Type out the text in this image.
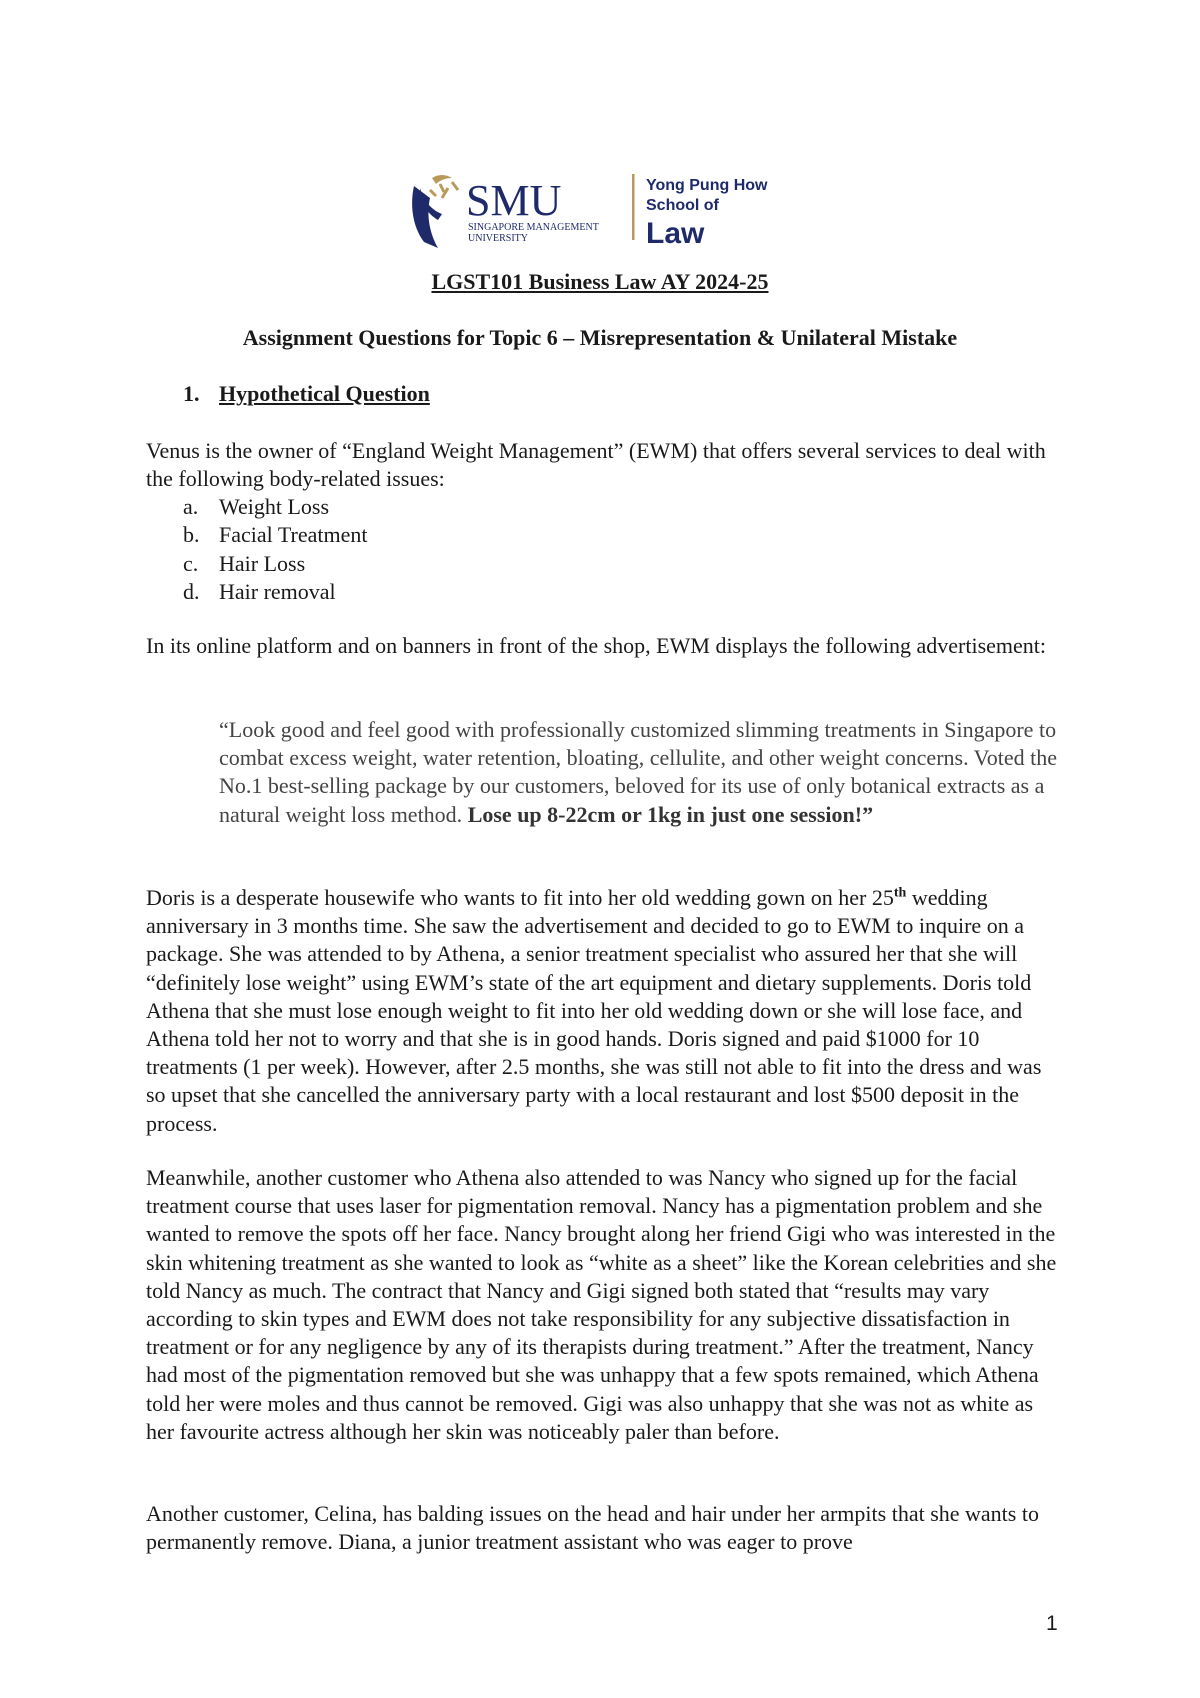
SMU
SINGAPORE MANAGEMENT
UNIVERSITY
Yong Pung How
School of
Law
LGST101 Business Law AY 2024-25
Assignment Questions for Topic 6 – Misrepresentation & Unilateral Mistake
1. Hypothetical Question

Venus is the owner of “England Weight Management” (EWM) that offers several services to deal with the following body-related issues:

a. Weight Loss
b. Facial Treatment
c. Hair Loss
d. Hair removal

In its online platform and on banners in front of the shop, EWM displays the following advertisement:

“Look good and feel good with professionally customized slimming treatments in Singapore to combat excess weight, water retention, bloating, cellulite, and other weight concerns. Voted the No.1 best-selling package by our customers, beloved for its use of only botanical extracts as a natural weight loss method. Lose up 8-22cm or 1kg in just one session!”

Doris is a desperate housewife who wants to fit into her old wedding gown on her 25th wedding anniversary in 3 months time. She saw the advertisement and decided to go to EWM to inquire on a package. She was attended to by Athena, a senior treatment specialist who assured her that she will “definitely lose weight” using EWM’s state of the art equipment and dietary supplements. Doris told Athena that she must lose enough weight to fit into her old wedding down or she will lose face, and Athena told her not to worry and that she is in good hands. Doris signed and paid $1000 for 10 treatments (1 per week). However, after 2.5 months, she was still not able to fit into the dress and was so upset that she cancelled the anniversary party with a local restaurant and lost $500 deposit in the process.

Meanwhile, another customer who Athena also attended to was Nancy who signed up for the facial treatment course that uses laser for pigmentation removal. Nancy has a pigmentation problem and she wanted to remove the spots off her face. Nancy brought along her friend Gigi who was interested in the skin whitening treatment as she wanted to look as “white as a sheet” like the Korean celebrities and she told Nancy as much. The contract that Nancy and Gigi signed both stated that “results may vary according to skin types and EWM does not take responsibility for any subjective dissatisfaction in treatment or for any negligence by any of its therapists during treatment.” After the treatment, Nancy had most of the pigmentation removed but she was unhappy that a few spots remained, which Athena told her were moles and thus cannot be removed. Gigi was also unhappy that she was not as white as her favourite actress although her skin was noticeably paler than before.

Another customer, Celina, has balding issues on the head and hair under her armpits that she wants to permanently remove. Diana, a junior treatment assistant who was eager to prove

1
